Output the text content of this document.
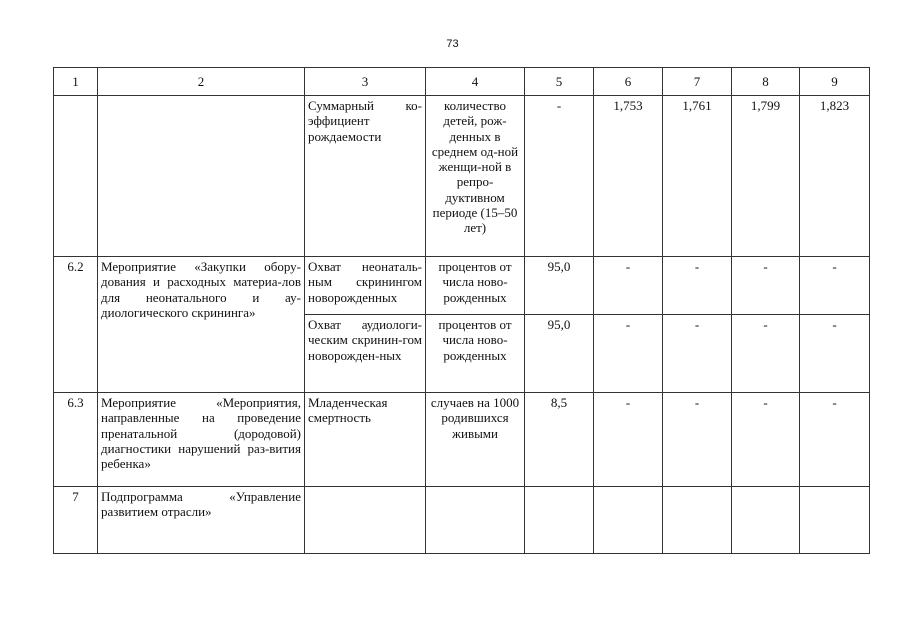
73
1	2	3	4	5	6	7	8	9
		Суммарный ко-эффициент рождаемости	количество детей, рож-денных в среднем од-ной женщи-ной в репро-дуктивном периоде (15–50 лет)	-	1,753	1,761	1,799	1,823
6.2	Мероприятие «Закупки обору-дования и расходных материа-лов для неонатального и ау-диологического скрининга»	Охват неонаталь-ным скринингом новорожденных	процентов от числа ново-рожденных	95,0	-	-	-	-
		Охват аудиологи-ческим скринин-гом новорожден-ных	процентов от числа ново-рожденных	95,0	-	-	-	-
6.3	Мероприятие «Мероприятия, направленные на проведение пренатальной (дородовой) диагностики нарушений раз-вития ребенка»	Младенческая смертность	случаев на 1000 родившихся живыми	8,5	-	-	-	-
7	Подпрограмма «Управление развитием отрасли»							
